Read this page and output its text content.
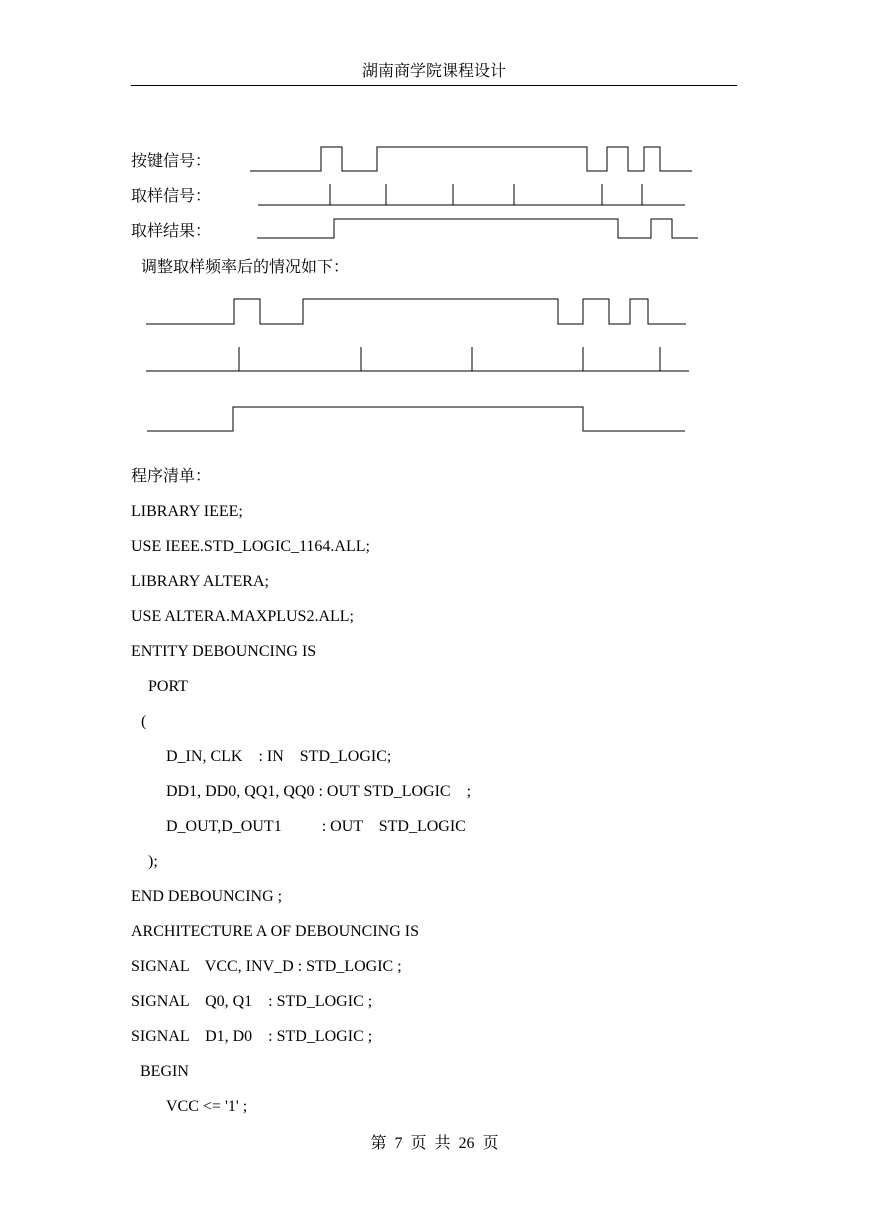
湖南商学院课程设计
按键信号：
取样信号：
取样结果：
调整取样频率后的情况如下：
程序清单：
LIBRARY IEEE;
USE IEEE.STD_LOGIC_1164.ALL;
LIBRARY ALTERA;
USE ALTERA.MAXPLUS2.ALL;
ENTITY DEBOUNCING IS
PORT
(
D_IN, CLK    : IN    STD_LOGIC;
DD1, DD0, QQ1, QQ0 : OUT STD_LOGIC    ;
D_OUT,D_OUT1          : OUT    STD_LOGIC
);
END DEBOUNCING ;
ARCHITECTURE A OF DEBOUNCING IS
SIGNAL    VCC, INV_D : STD_LOGIC ;
SIGNAL    Q0, Q1    : STD_LOGIC ;
SIGNAL    D1, D0    : STD_LOGIC ;
BEGIN
VCC <= '1' ;
第  7  页  共  26  页
